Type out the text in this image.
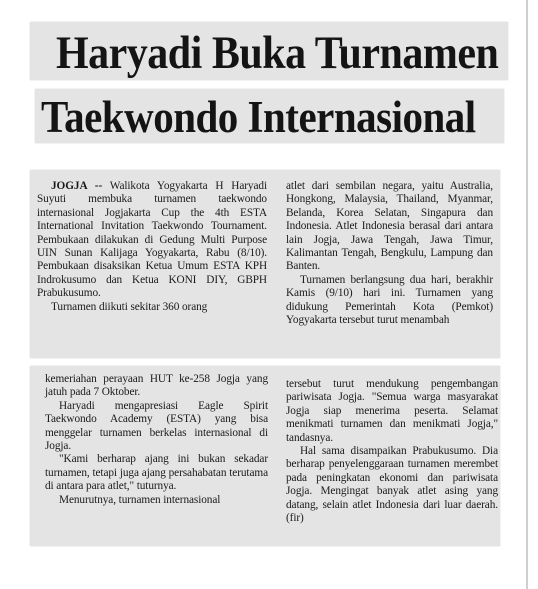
Haryadi Buka Turnamen
Taekwondo Internasional

JOGJA -- Walikota Yogyakarta H Haryadi Suyuti membuka turnamen taekwondo internasional Jogjakarta Cup the 4th ESTA International Invitation Taekwondo Tournament. Pembukaan dilakukan di Gedung Multi Purpose UIN Sunan Kalijaga Yogyakarta, Rabu (8/10). Pembukaan disaksikan Ketua Umum ESTA KPH Indrokusumo dan Ketua KONI DIY, GBPH Prabukusumo.

Turnamen diikuti sekitar 360 orang

atlet dari sembilan negara, yaitu Australia, Hongkong, Malaysia, Thailand, Myanmar, Belanda, Korea Selatan, Singapura dan Indonesia. Atlet Indonesia berasal dari antara lain Jogja, Jawa Tengah, Jawa Timur, Kalimantan Tengah, Bengkulu, Lampung dan Banten.

Turnamen berlangsung dua hari, berakhir Kamis (9/10) hari ini. Turnamen yang didukung Pemerintah Kota (Pemkot) Yogyakarta tersebut turut menambah

kemeriahan perayaan HUT ke-258 Jogja yang jatuh pada 7 Oktober.

Haryadi mengapresiasi Eagle Spirit Taekwondo Academy (ESTA) yang bisa menggelar turnamen berkelas internasional di Jogja.

"Kami berharap ajang ini bukan sekadar turnamen, tetapi juga ajang persahabatan terutama di antara para atlet," tuturnya.

Menurutnya, turnamen internasional

tersebut turut mendukung pengembangan pariwisata Jogja. "Semua warga masyarakat Jogja siap menerima peserta. Selamat menikmati turnamen dan menikmati Jogja," tandasnya.

Hal sama disampaikan Prabukusumo. Dia berharap penyelenggaraan turnamen merembet pada peningkatan ekonomi dan pariwisata Jogja. Mengingat banyak atlet asing yang datang, selain atlet Indonesia dari luar daerah. (fir)
